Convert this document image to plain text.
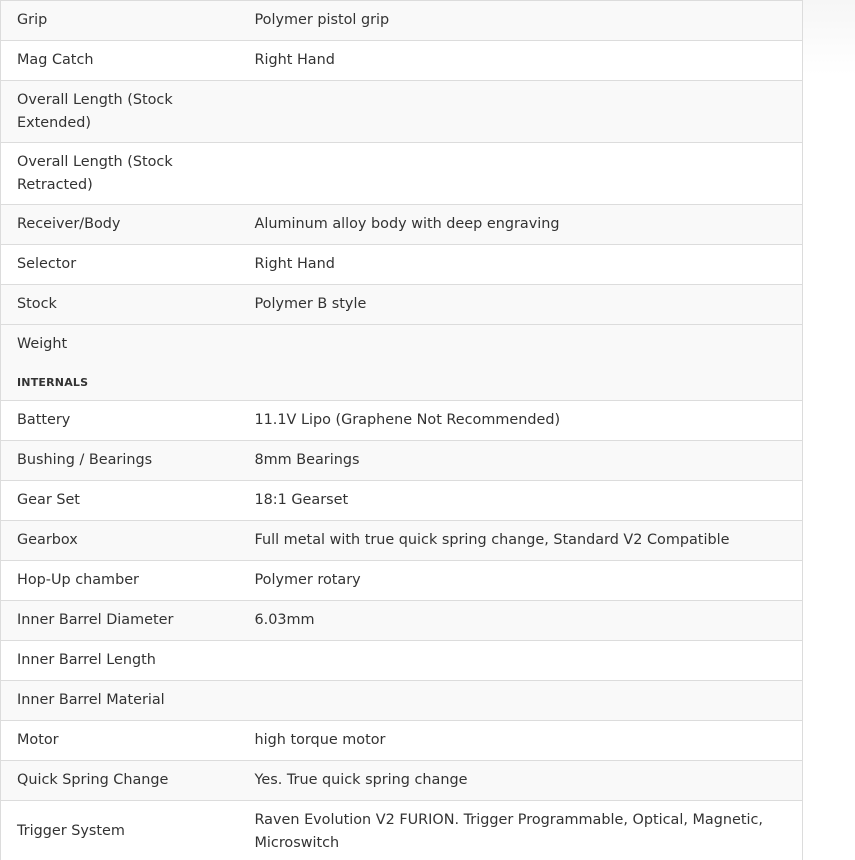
Grip	Polymer pistol grip
Mag Catch	Right Hand
Overall Length (Stock Extended)	
Overall Length (Stock Retracted)	
Receiver/Body	Aluminum alloy body with deep engraving
Selector	Right Hand
Stock	Polymer B style
Weight	
INTERNALS	
Battery	11.1V Lipo (Graphene Not Recommended)
Bushing / Bearings	8mm Bearings
Gear Set	18:1 Gearset
Gearbox	Full metal with true quick spring change, Standard V2 Compatible
Hop-Up chamber	Polymer rotary
Inner Barrel Diameter	6.03mm
Inner Barrel Length	
Inner Barrel Material	
Motor	high torque motor
Quick Spring Change	Yes. True quick spring change
Trigger System	Raven Evolution V2 FURION. Trigger Programmable, Optical, Magnetic, Microswitch
